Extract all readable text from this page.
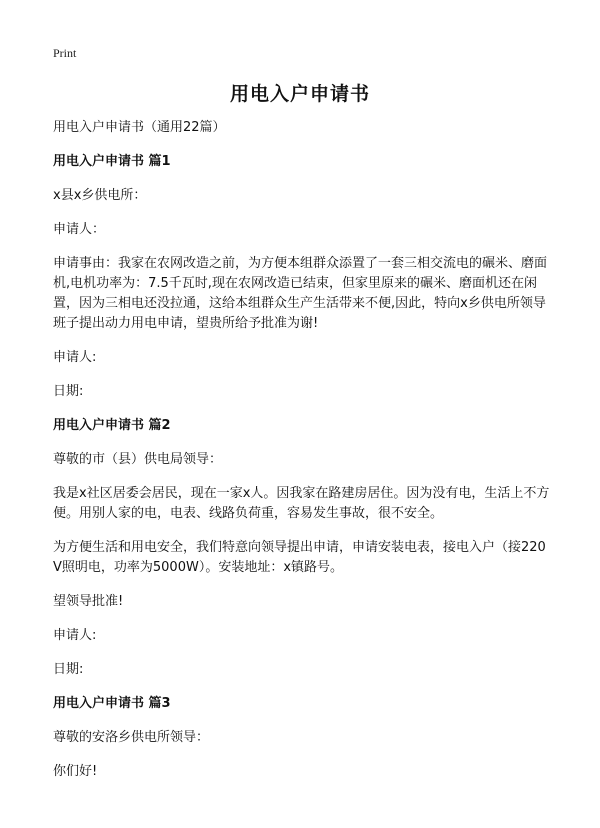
Print
用电入户申请书

用电入户申请书（通用22篇）

用电入户申请书 篇1

x县x乡供电所：

申请人：

申请事由：我家在农网改造之前，为方便本组群众添置了一套三相交流电的碾米、磨面机,电机功率为：7.5千瓦时,现在农网改造已结束，但家里原来的碾米、磨面机还在闲置，因为三相电还没拉通，这给本组群众生产生活带来不便,因此，特向x乡供电所领导班子提出动力用电申请，望贵所给予批准为谢!

申请人:

日期:

用电入户申请书 篇2

尊敬的市（县）供电局领导：

我是x社区居委会居民，现在一家x人。因我家在路建房居住。因为没有电，生活上不方便。用别人家的电，电表、线路负荷重，容易发生事故，很不安全。

为方便生活和用电安全，我们特意向领导提出申请，申请安装电表，接电入户（接220V照明电，功率为5000W）。安装地址：x镇路号。

望领导批准!

申请人:

日期:

用电入户申请书 篇3

尊敬的安洛乡供电所领导：

你们好!
